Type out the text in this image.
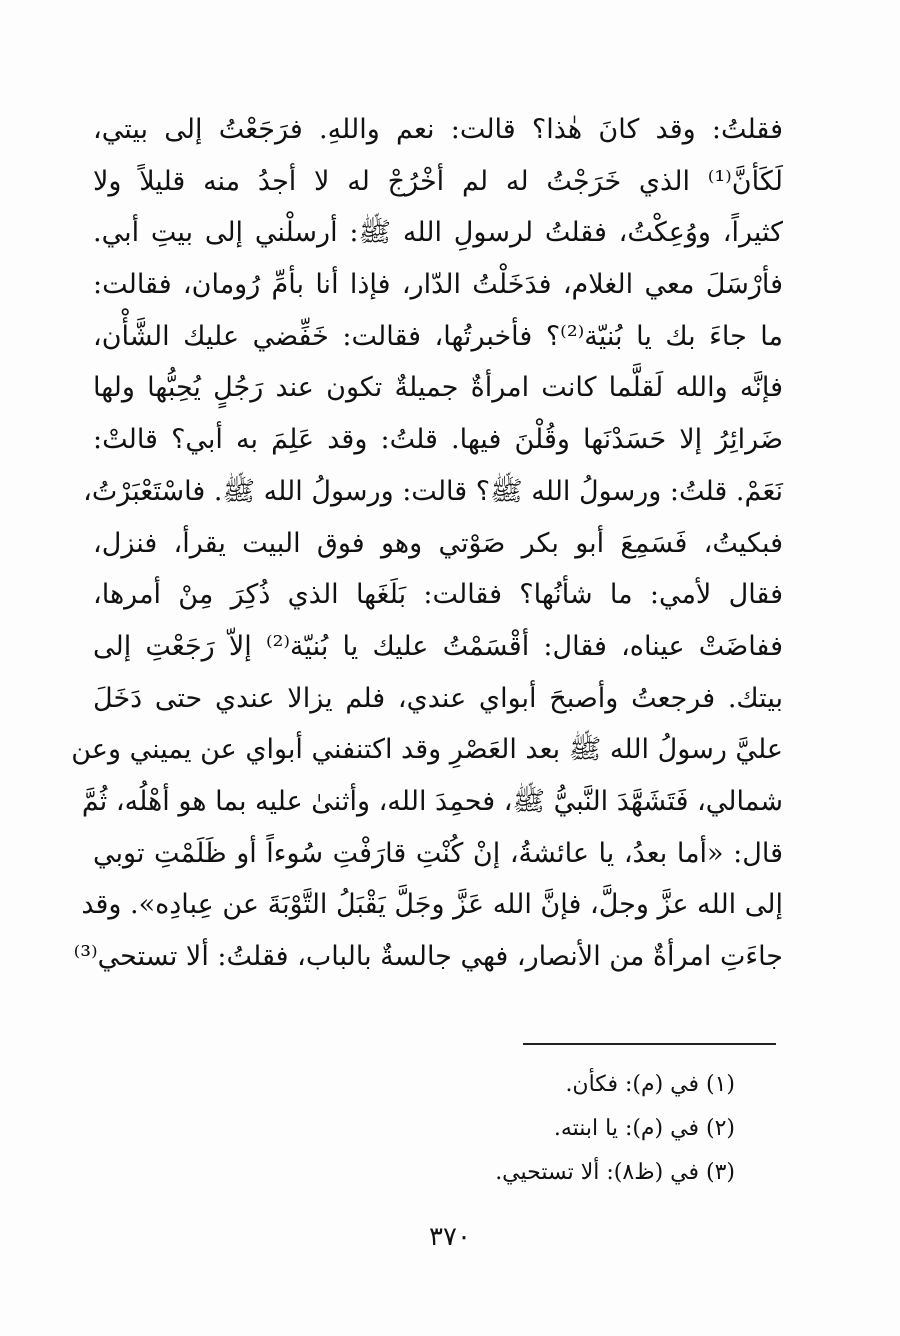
فقلتُ: وقد كانَ هٰذا؟ قالت: نعم واللهِ. فرَجَعْتُ إلى بيتي،
لَكَأنَّ⁽¹⁾ الذي خَرَجْتُ له لم أخْرُجْ له لا أجدُ منه قليلاً ولا
كثيراً، ووُعِكْتُ، فقلتُ لرسولِ الله ﷺ: أرسلْني إلى بيتِ أبي.
فأرْسَلَ معي الغلام، فدَخَلْتُ الدّار، فإذا أنا بأمِّ رُومان، فقالت:
ما جاءَ بك يا بُنيّة⁽²⁾؟ فأخبرتُها، فقالت: خَفِّضي عليك الشَّأْن،
فإنَّه والله لَقلَّما كانت امرأةٌ جميلةٌ تكون عند رَجُلٍ يُحِبُّها ولها
ضَرائِرُ إلا حَسَدْنَها وقُلْنَ فيها. قلتُ: وقد عَلِمَ به أبي؟ قالتْ:
نَعَمْ. قلتُ: ورسولُ الله ﷺ؟ قالت: ورسولُ الله ﷺ. فاسْتَعْبَرْتُ،
فبكيتُ، فَسَمِعَ أبو بكر صَوْتي وهو فوق البيت يقرأ، فنزل،
فقال لأمي: ما شأنُها؟ فقالت: بَلَغَها الذي ذُكِرَ مِنْ أمرها،
ففاضَتْ عيناه، فقال: أقْسَمْتُ عليك يا بُنيّة⁽²⁾ إلاّ رَجَعْتِ إلى
بيتك. فرجعتُ وأصبحَ أبواي عندي، فلم يزالا عندي حتى دَخَلَ
عليَّ رسولُ الله ﷺ بعد العَصْرِ وقد اكتنفني أبواي عن يميني وعن
شمالي، فَتَشَهَّدَ النَّبيُّ ﷺ، فحمِدَ الله، وأثنىٰ عليه بما هو أهْلُه، ثُمَّ
قال: «أما بعدُ، يا عائشةُ، إنْ كُنْتِ قارَفْتِ سُوءاً أو ظَلَمْتِ توبي
إلى الله عزَّ وجلَّ، فإنَّ الله عَزَّ وجَلَّ يَقْبَلُ التَّوْبَةَ عن عِبادِه». وقد
جاءَتِ امرأةٌ من الأنصار، فهي جالسةٌ بالباب، فقلتُ: ألا تستحي⁽³⁾
(١) في (م): فكأن.
(٢) في (م): يا ابنته.
(٣) في (ظ٨): ألا تستحيي.
٣٧٠
